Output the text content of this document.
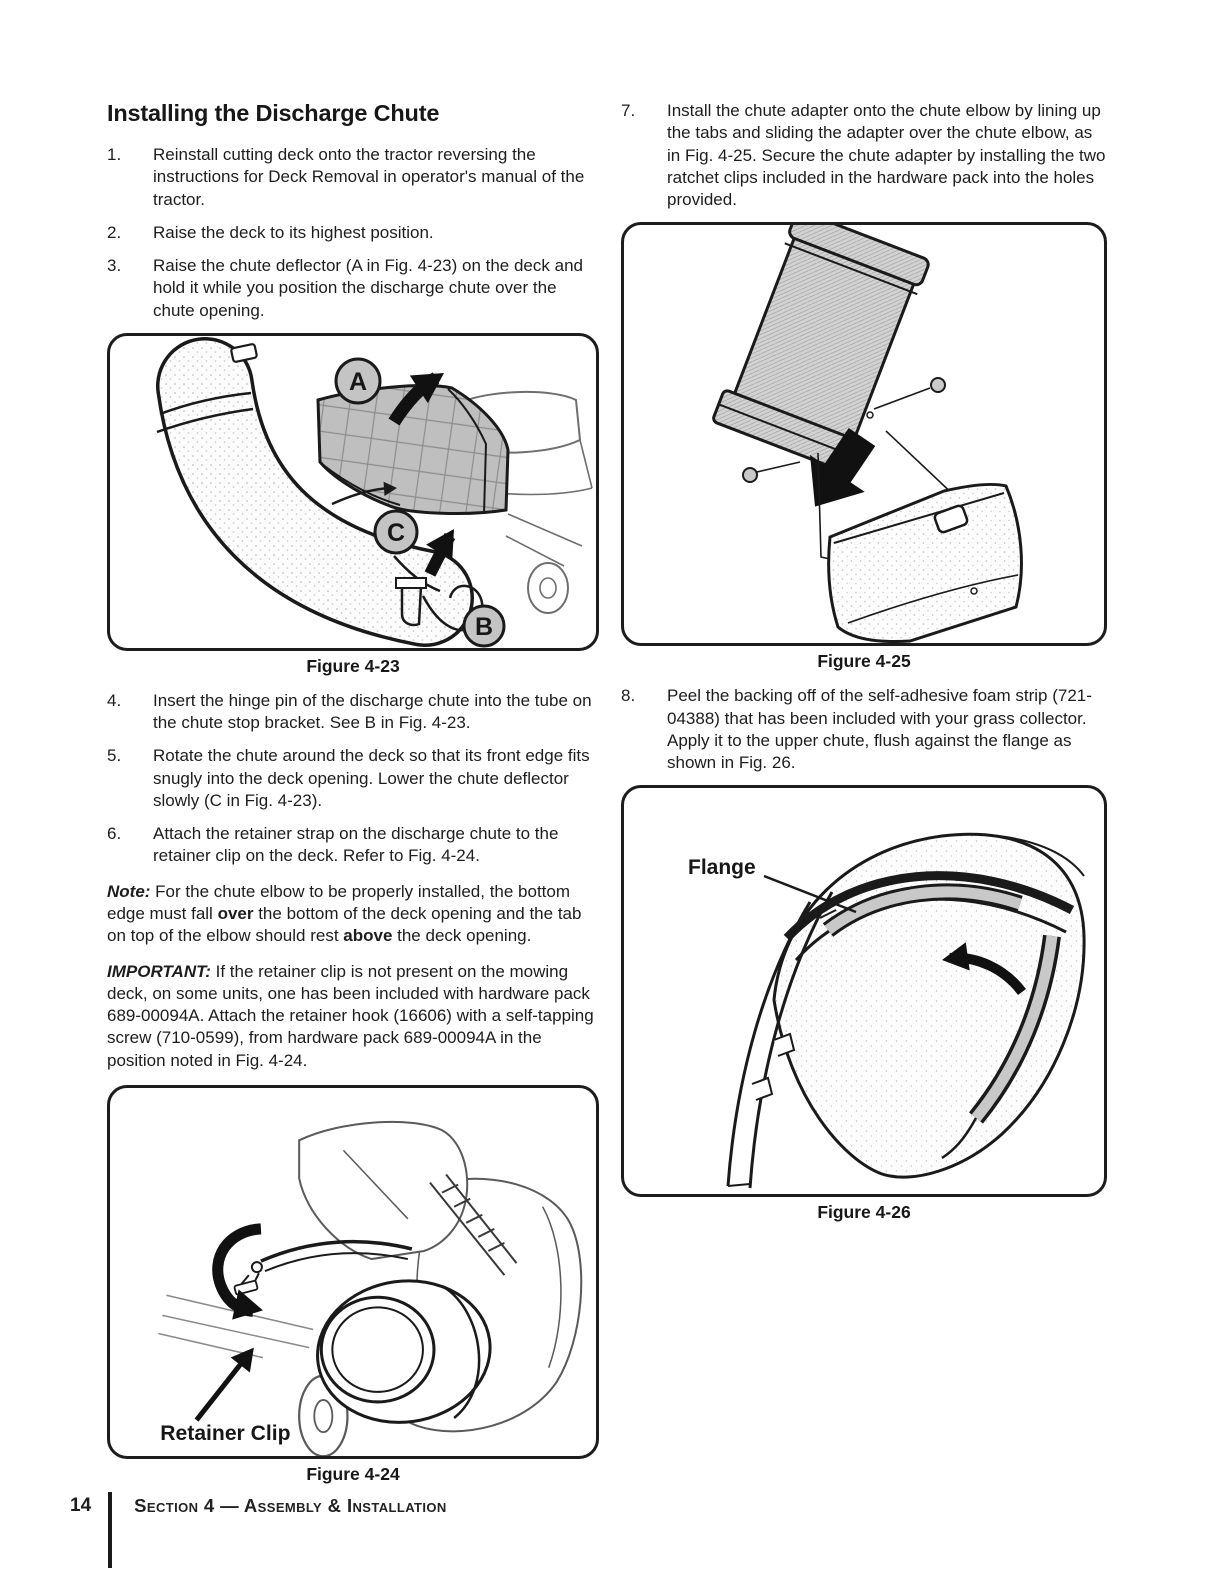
Installing the Discharge Chute
1.	Reinstall cutting deck onto the tractor reversing the instructions for Deck Removal in operator's manual of the tractor.
2.	Raise the deck to its highest position.
3.	Raise the chute deflector (A in Fig. 4-23) on the deck and hold it while you position the discharge chute over the chute opening.
A
C
B
Figure 4-23
4.	Insert the hinge pin of the discharge chute into the tube on the chute stop bracket. See B in Fig. 4-23.
5.	Rotate the chute around the deck so that its front edge fits snugly into the deck opening. Lower the chute deflector slowly (C in Fig. 4-23).
6.	Attach the retainer strap on the discharge chute to the retainer clip on the deck. Refer to Fig. 4-24.

Note: For the chute elbow to be properly installed, the bottom edge must fall over the bottom of the deck opening and the tab on top of the elbow should rest above the deck opening.

IMPORTANT: If the retainer clip is not present on the mowing deck, on some units, one has been included with hardware pack 689-00094A. Attach the retainer hook (16606) with a self-tapping screw (710-0599), from hardware pack 689-00094A in the position noted in Fig. 4-24.

Retainer Clip
Figure 4-24
7.	Install the chute adapter onto the chute elbow by lining up the tabs and sliding the adapter over the chute elbow, as in Fig. 4-25. Secure the chute adapter by installing the two ratchet clips included in the hardware pack into the holes provided.
Figure 4-25
8.	Peel the backing off of the self-adhesive foam strip (721-04388) that has been included with your grass collector. Apply it to the upper chute, flush against the flange as shown in Fig. 26.
Flange
Figure 4-26
14 Section 4 — Assembly & Installation
